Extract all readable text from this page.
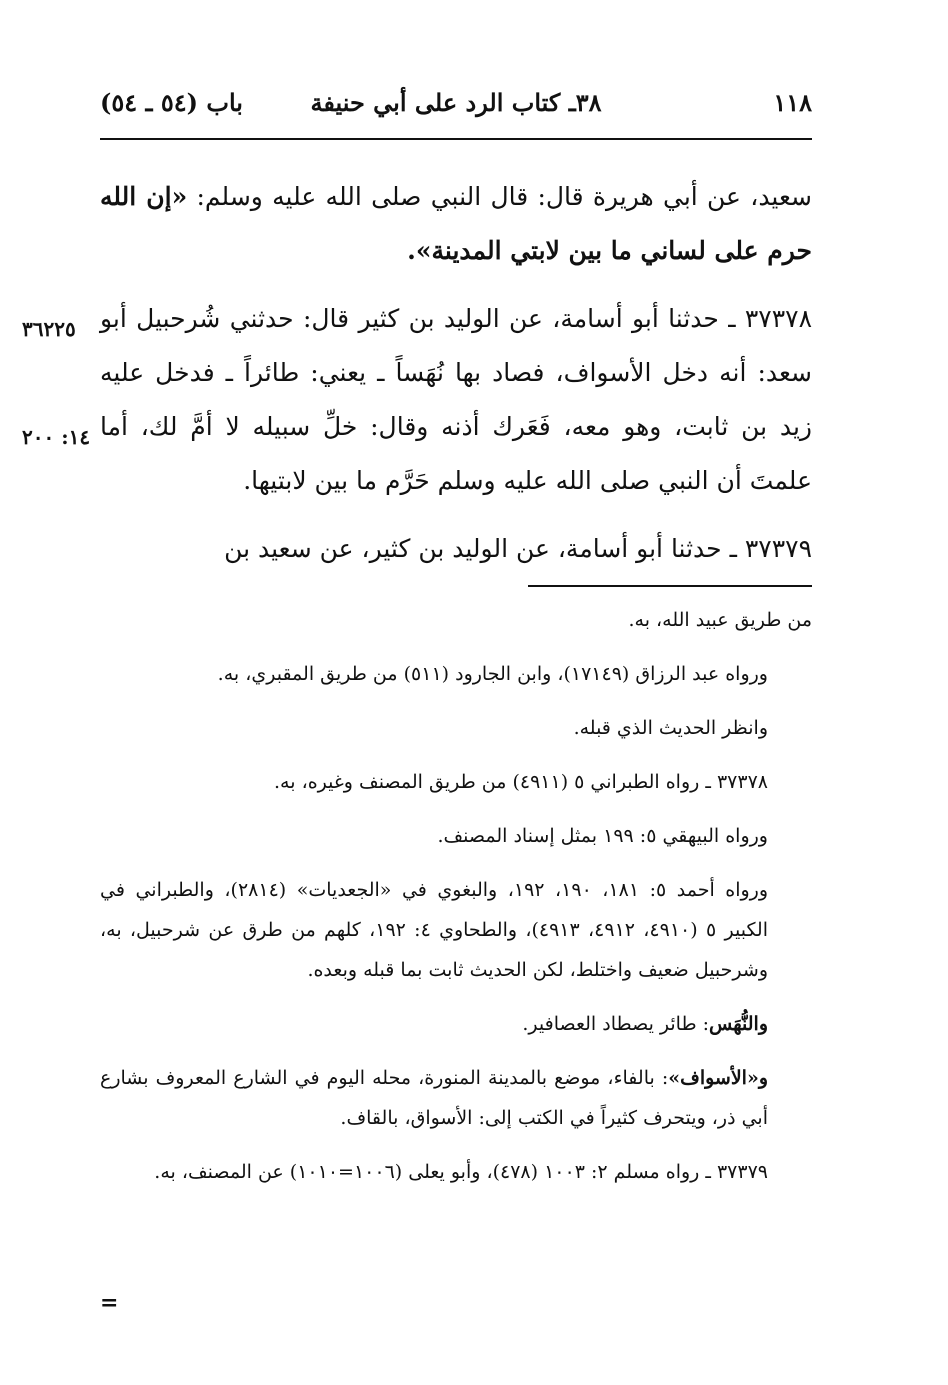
١١٨
٣٨ـ كتاب الرد على أبي حنيفة
باب (٥٤ ـ ٥٤)

سعيد، عن أبي هريرة قال: قال النبي صلى الله عليه وسلم: «إن الله حرم على لساني ما بين لابتي المدينة».

٣٦٢٢٥
١٤: ٢٠٠
٣٧٣٧٨ ـ حدثنا أبو أسامة، عن الوليد بن كثير قال: حدثني شُرحبيل أبو سعد: أنه دخل الأسواف، فصاد بها نُهَساً ـ يعني: طائراً ـ فدخل عليه زيد بن ثابت، وهو معه، فَعَرك أذنه وقال: خلِّ سبيله لا أمَّ لك، أما علمتَ أن النبي صلى الله عليه وسلم حَرَّم ما بين لابتيها.

٣٧٣٧٩ ـ حدثنا أبو أسامة، عن الوليد بن كثير، عن سعيد بن

من طريق عبيد الله، به.

ورواه عبد الرزاق (١٧١٤٩)، وابن الجارود (٥١١) من طريق المقبري، به.

وانظر الحديث الذي قبله.

٣٧٣٧٨ ـ رواه الطبراني ٥ (٤٩١١) من طريق المصنف وغيره، به.

ورواه البيهقي ٥: ١٩٩ بمثل إسناد المصنف.

ورواه أحمد ٥: ١٨١، ١٩٠، ١٩٢، والبغوي في «الجعديات» (٢٨١٤)، والطبراني في الكبير ٥ (٤٩١٠، ٤٩١٢، ٤٩١٣)، والطحاوي ٤: ١٩٢، كلهم من طرق عن شرحبيل، به، وشرحبيل ضعيف واختلط، لكن الحديث ثابت بما قبله وبعده.

والنُّهَس: طائر يصطاد العصافير.

و«الأسواف»: بالفاء، موضع بالمدينة المنورة، محله اليوم في الشارع المعروف بشارع أبي ذر، ويتحرف كثيراً في الكتب إلى: الأسواق، بالقاف.

٣٧٣٧٩ ـ رواه مسلم ٢: ١٠٠٣ (٤٧٨)، وأبو يعلى (١٠٠٦=١٠١٠) عن المصنف، به.

=
